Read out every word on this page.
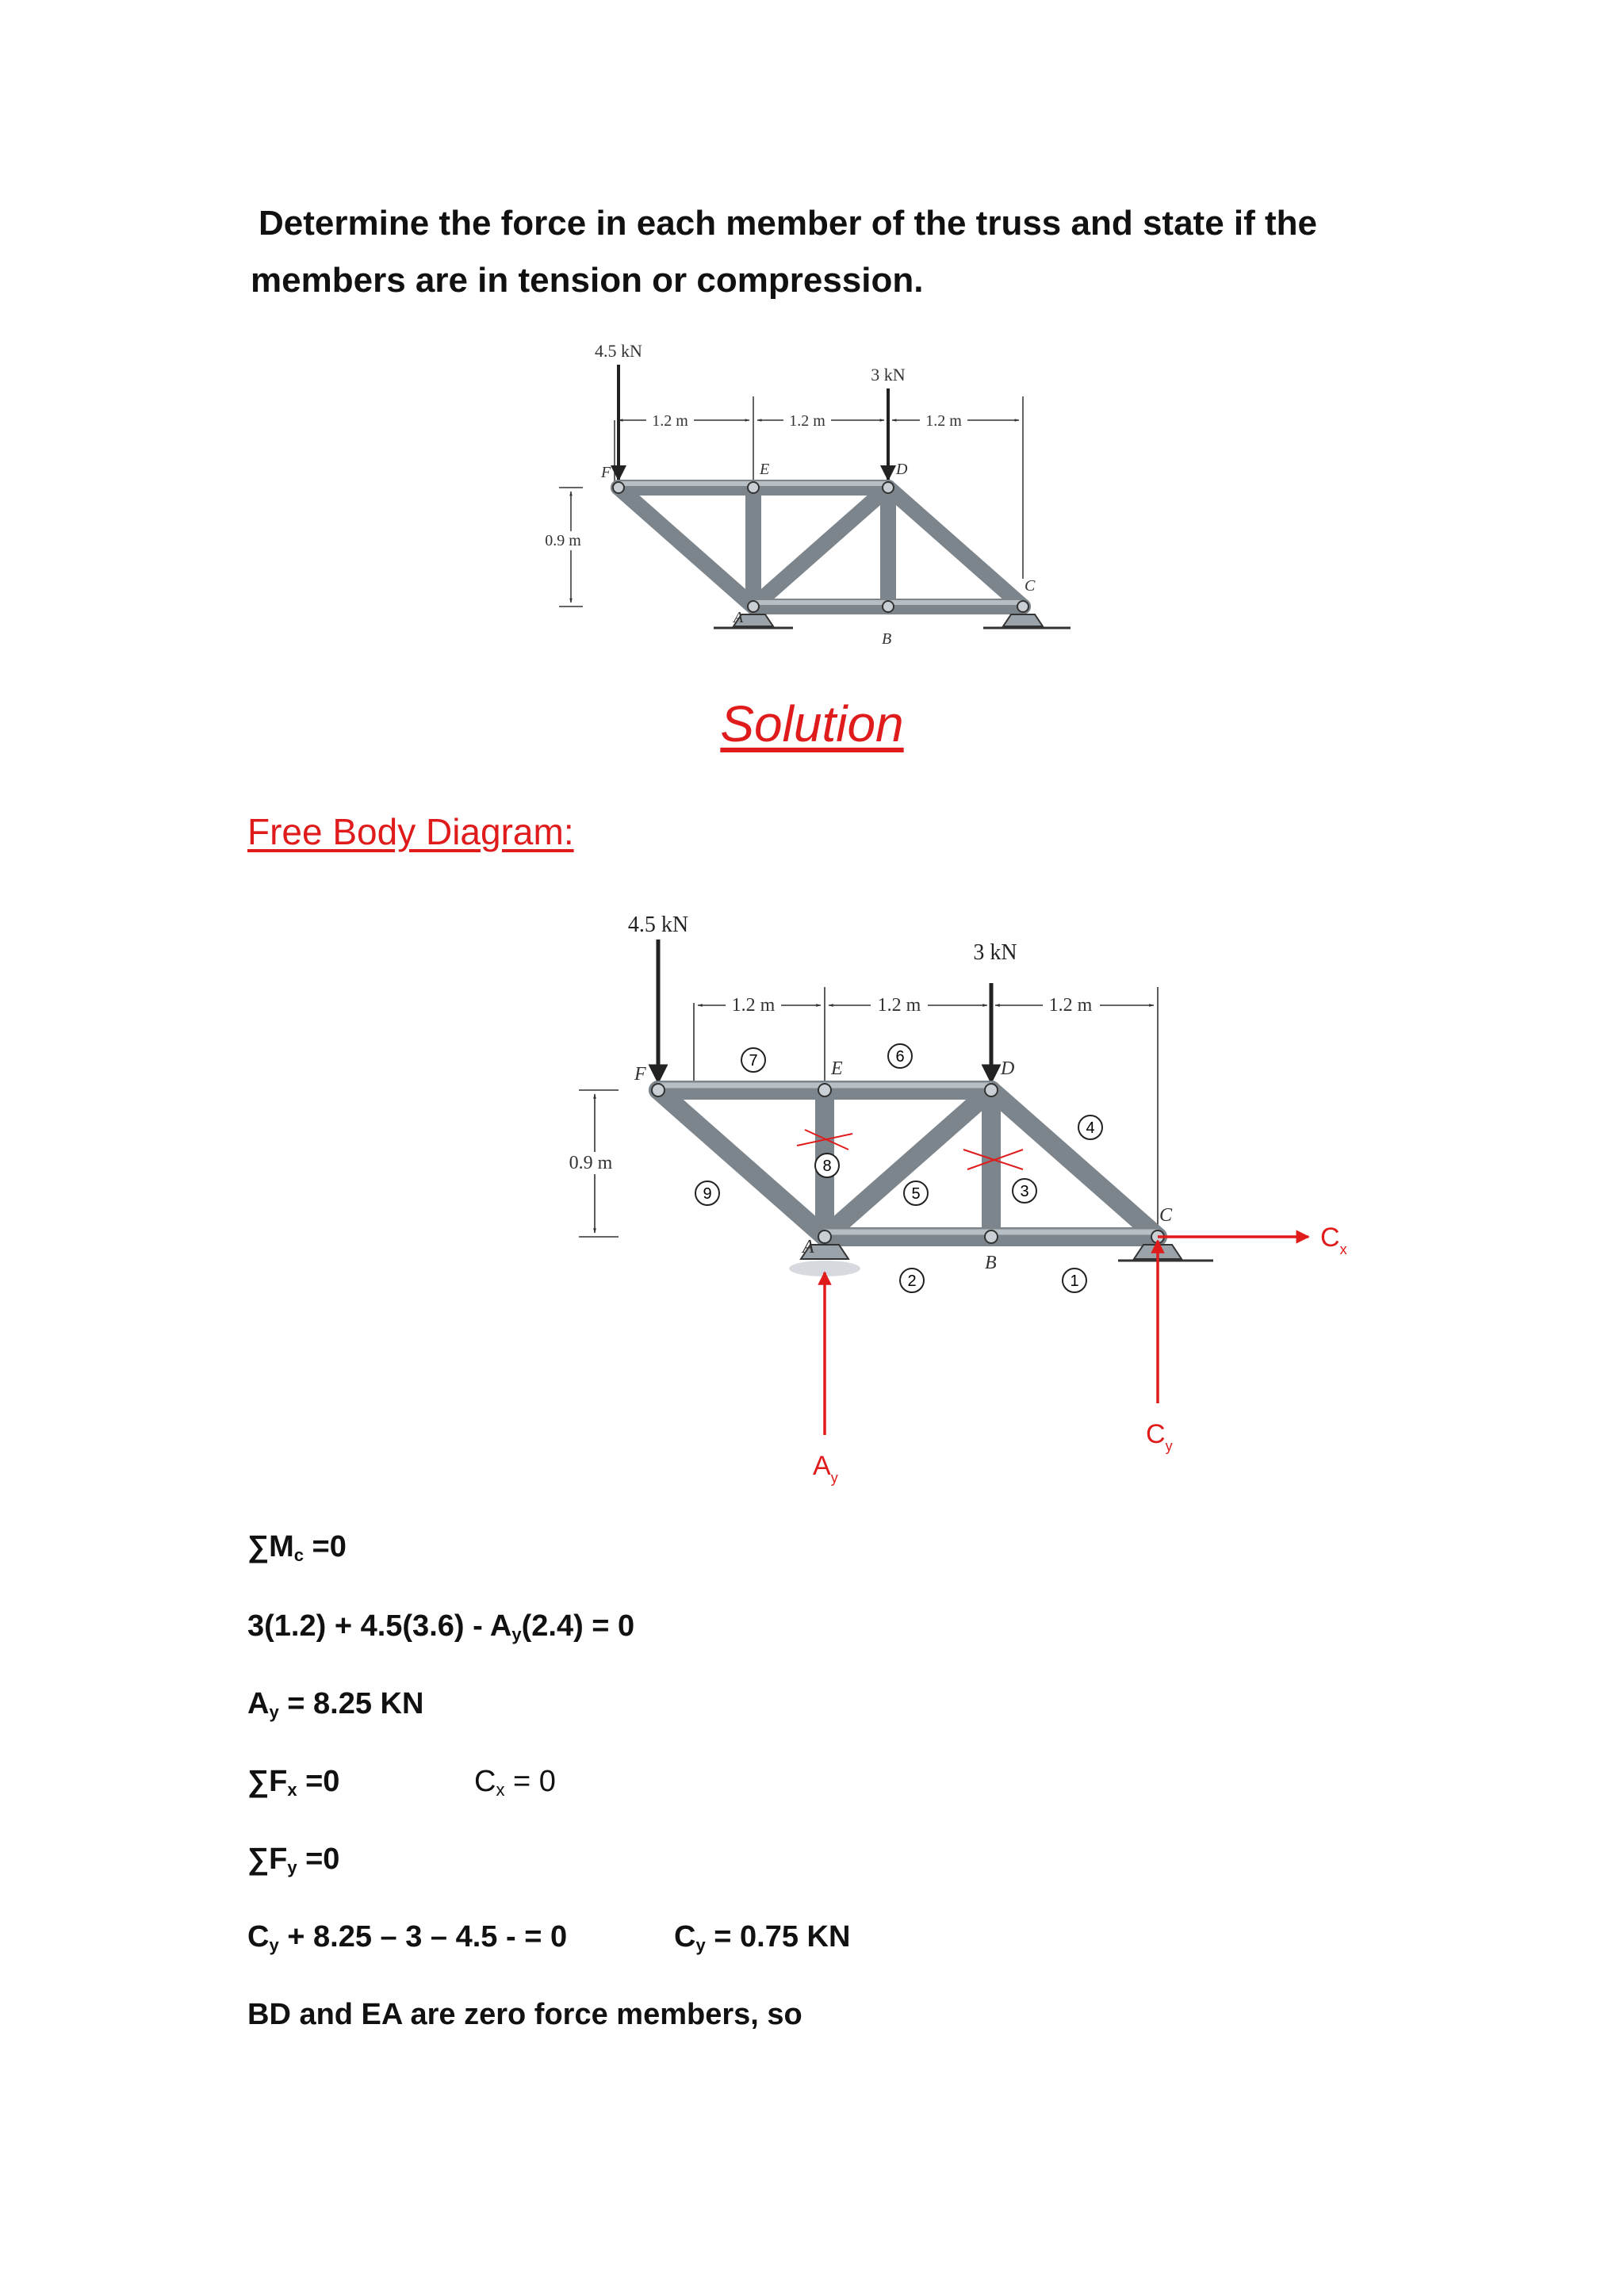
Determine the force in each member of the truss and state if the
members are in tension or compression.
1.2 m	1.2 m	1.2 m
0.9 m
4.5 kN
3 kN
F	E	D
A
B
C
Solution
Free Body Diagram:
1.2 m	1.2 m	1.2 m
0.9 m
4.5 kN
3 kN
F	E	D
A
B
C
1
2
3
4
5
6
7
8
9
$A_y$
$C_y$
$C_x$
$\sum M_c =0$
$3(1.2) + 4.5(3.6) - A_y(2.4) = 0$
$A_y = 8.25$ KN
$\sum F_x =0$	$C_x = 0$
$\sum F_y =0$
$C_y + 8.25 - 3 - 4.5$ - = 0	$C_y = 0.75$ KN
BD and EA are zero force members, so
